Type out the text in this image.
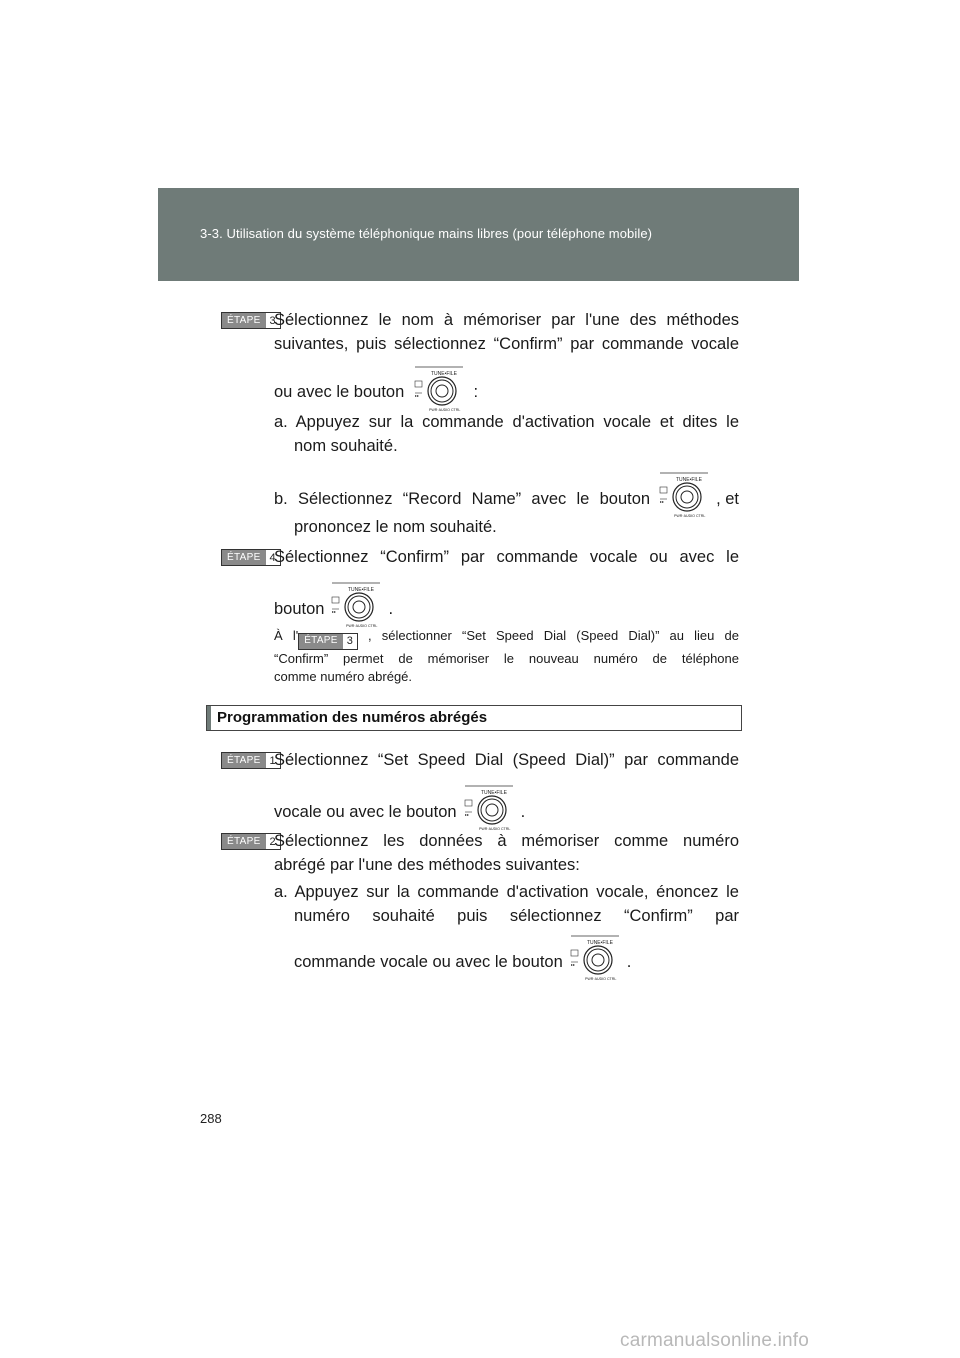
3-3. Utilisation du système téléphonique mains libres (pour téléphone mobile)
ÉTAPE 3
Sélectionnez le nom à mémoriser par l'une des méthodes
suivantes, puis sélectionnez “Confirm” par commande vocale
ou avec le bouton
TUNE•FILE
▸▸
PWR·AUDIO CTRL
:
a. Appuyez sur la commande d'activation vocale et dites le
nom souhaité.
b. Sélectionnez “Record Name” avec le bouton
TUNE•FILE
▸▸
PWR·AUDIO CTRL
, et
prononcez le nom souhaité.
ÉTAPE 4
Sélectionnez “Confirm” par commande vocale ou avec le
bouton
TUNE•FILE
▸▸
PWR·AUDIO CTRL
.
À l' ÉTAPE 3	, sélectionner “Set Speed Dial (Speed Dial)” au lieu de
“Confirm” permet de mémoriser le nouveau numéro de téléphone
comme numéro abrégé.
Programmation des numéros abrégés
ÉTAPE 1
Sélectionnez “Set Speed Dial (Speed Dial)” par commande
vocale ou avec le bouton
TUNE•FILE
▸▸
PWR·AUDIO CTRL
.
ÉTAPE 2
Sélectionnez les données à mémoriser comme numéro
abrégé par l'une des méthodes suivantes:
a. Appuyez sur la commande d'activation vocale, énoncez le
numéro souhaité puis sélectionnez “Confirm” par
commande vocale ou avec le bouton
TUNE•FILE
▸▸
PWR·AUDIO CTRL
.
288
carmanualsonline.info
